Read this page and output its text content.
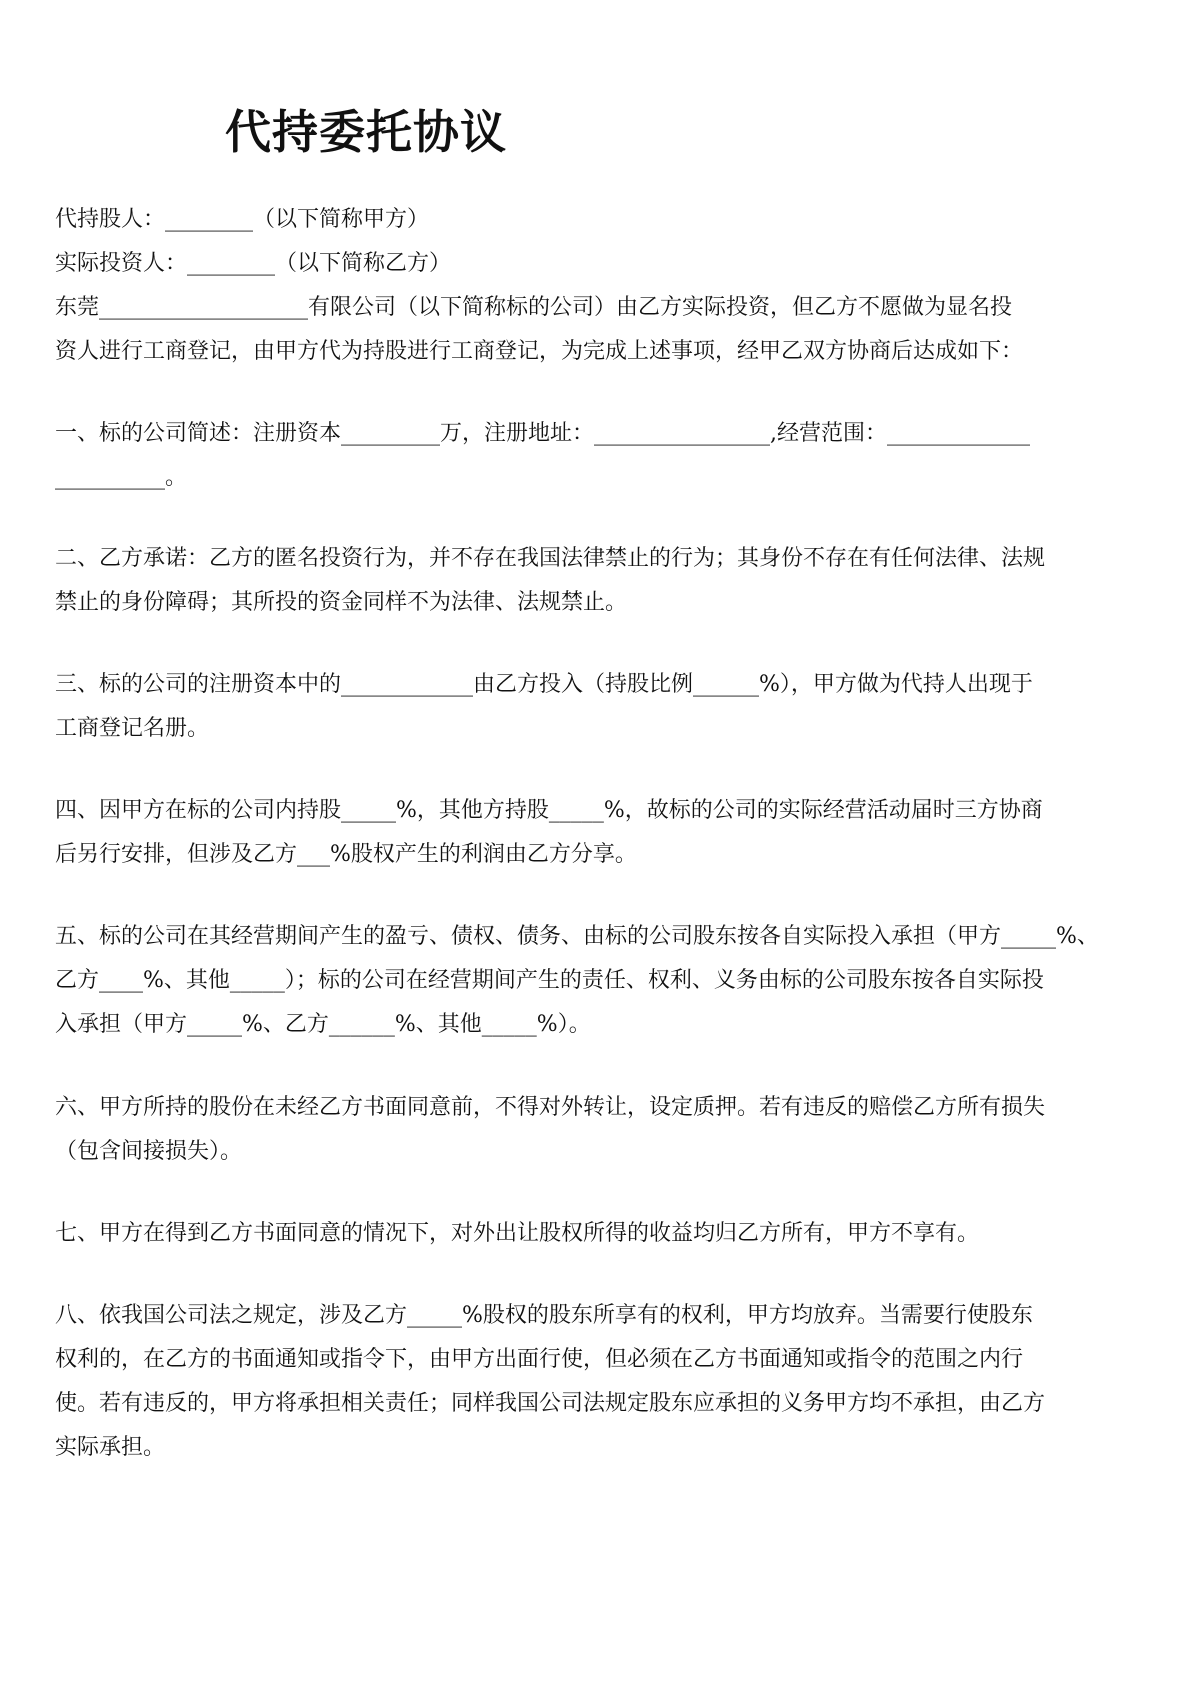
代持委托协议
代持股人：________（以下简称甲方）
实际投资人：________（以下简称乙方）
东莞___________________有限公司（以下简称标的公司）由乙方实际投资，但乙方不愿做为显名投
资人进行工商登记，由甲方代为持股进行工商登记，为完成上述事项，经甲乙双方协商后达成如下：
一、标的公司简述：注册资本_________万，注册地址：________________,经营范围：_____________
__________。
二、乙方承诺：乙方的匿名投资行为，并不存在我国法律禁止的行为；其身份不存在有任何法律、法规
禁止的身份障碍；其所投的资金同样不为法律、法规禁止。
三、标的公司的注册资本中的____________由乙方投入（持股比例______%），甲方做为代持人出现于
工商登记名册。
四、因甲方在标的公司内持股_____%，其他方持股_____%，故标的公司的实际经营活动届时三方协商
后另行安排，但涉及乙方___%股权产生的利润由乙方分享。
五、标的公司在其经营期间产生的盈亏、债权、债务、由标的公司股东按各自实际投入承担（甲方_____%、
乙方____%、其他_____）；标的公司在经营期间产生的责任、权利、义务由标的公司股东按各自实际投
入承担（甲方_____%、乙方______%、其他_____%）。
六、甲方所持的股份在未经乙方书面同意前，不得对外转让，设定质押。若有违反的赔偿乙方所有损失
（包含间接损失）。
七、甲方在得到乙方书面同意的情况下，对外出让股权所得的收益均归乙方所有，甲方不享有。
八、依我国公司法之规定，涉及乙方_____%股权的股东所享有的权利，甲方均放弃。当需要行使股东
权利的，在乙方的书面通知或指令下，由甲方出面行使，但必须在乙方书面通知或指令的范围之内行
使。若有违反的，甲方将承担相关责任；同样我国公司法规定股东应承担的义务甲方均不承担，由乙方
实际承担。
